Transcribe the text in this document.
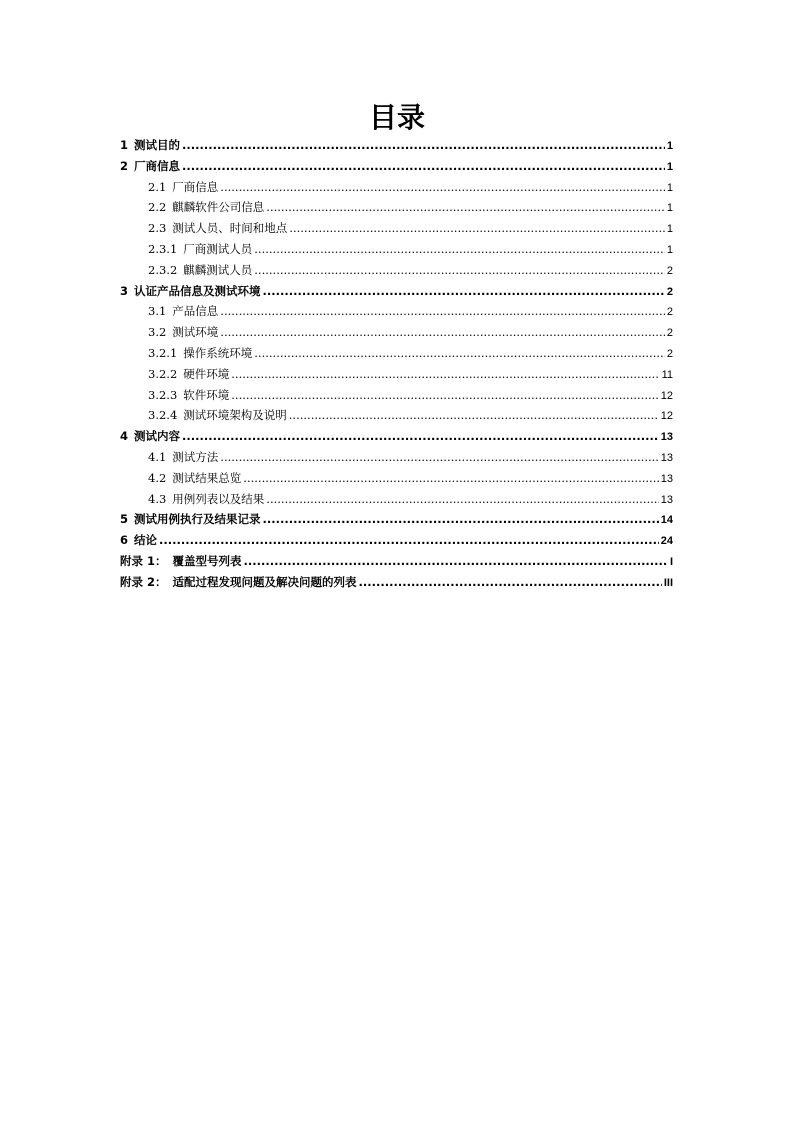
目录
1 测试目的 .....	1
2 厂商信息 .....	1
2.1 厂商信息 .....	1
2.2 麒麟软件公司信息 .....	1
2.3 测试人员、时间和地点 .....	1
2.3.1 厂商测试人员 .....	1
2.3.2 麒麟测试人员 .....	2
3 认证产品信息及测试环境 .....	2
3.1 产品信息 .....	2
3.2 测试环境 .....	2
3.2.1 操作系统环境 .....	2
3.2.2 硬件环境 .....	11
3.2.3 软件环境 .....	12
3.2.4 测试环境架构及说明 .....	12
4 测试内容 .....	13
4.1 测试方法 .....	13
4.2 测试结果总览 .....	13
4.3 用例列表以及结果 .....	13
5 测试用例执行及结果记录 .....	14
6 结论 .....	24
附录 1： 覆盖型号列表 .....	I
附录 2： 适配过程发现问题及解决问题的列表 .....	III
